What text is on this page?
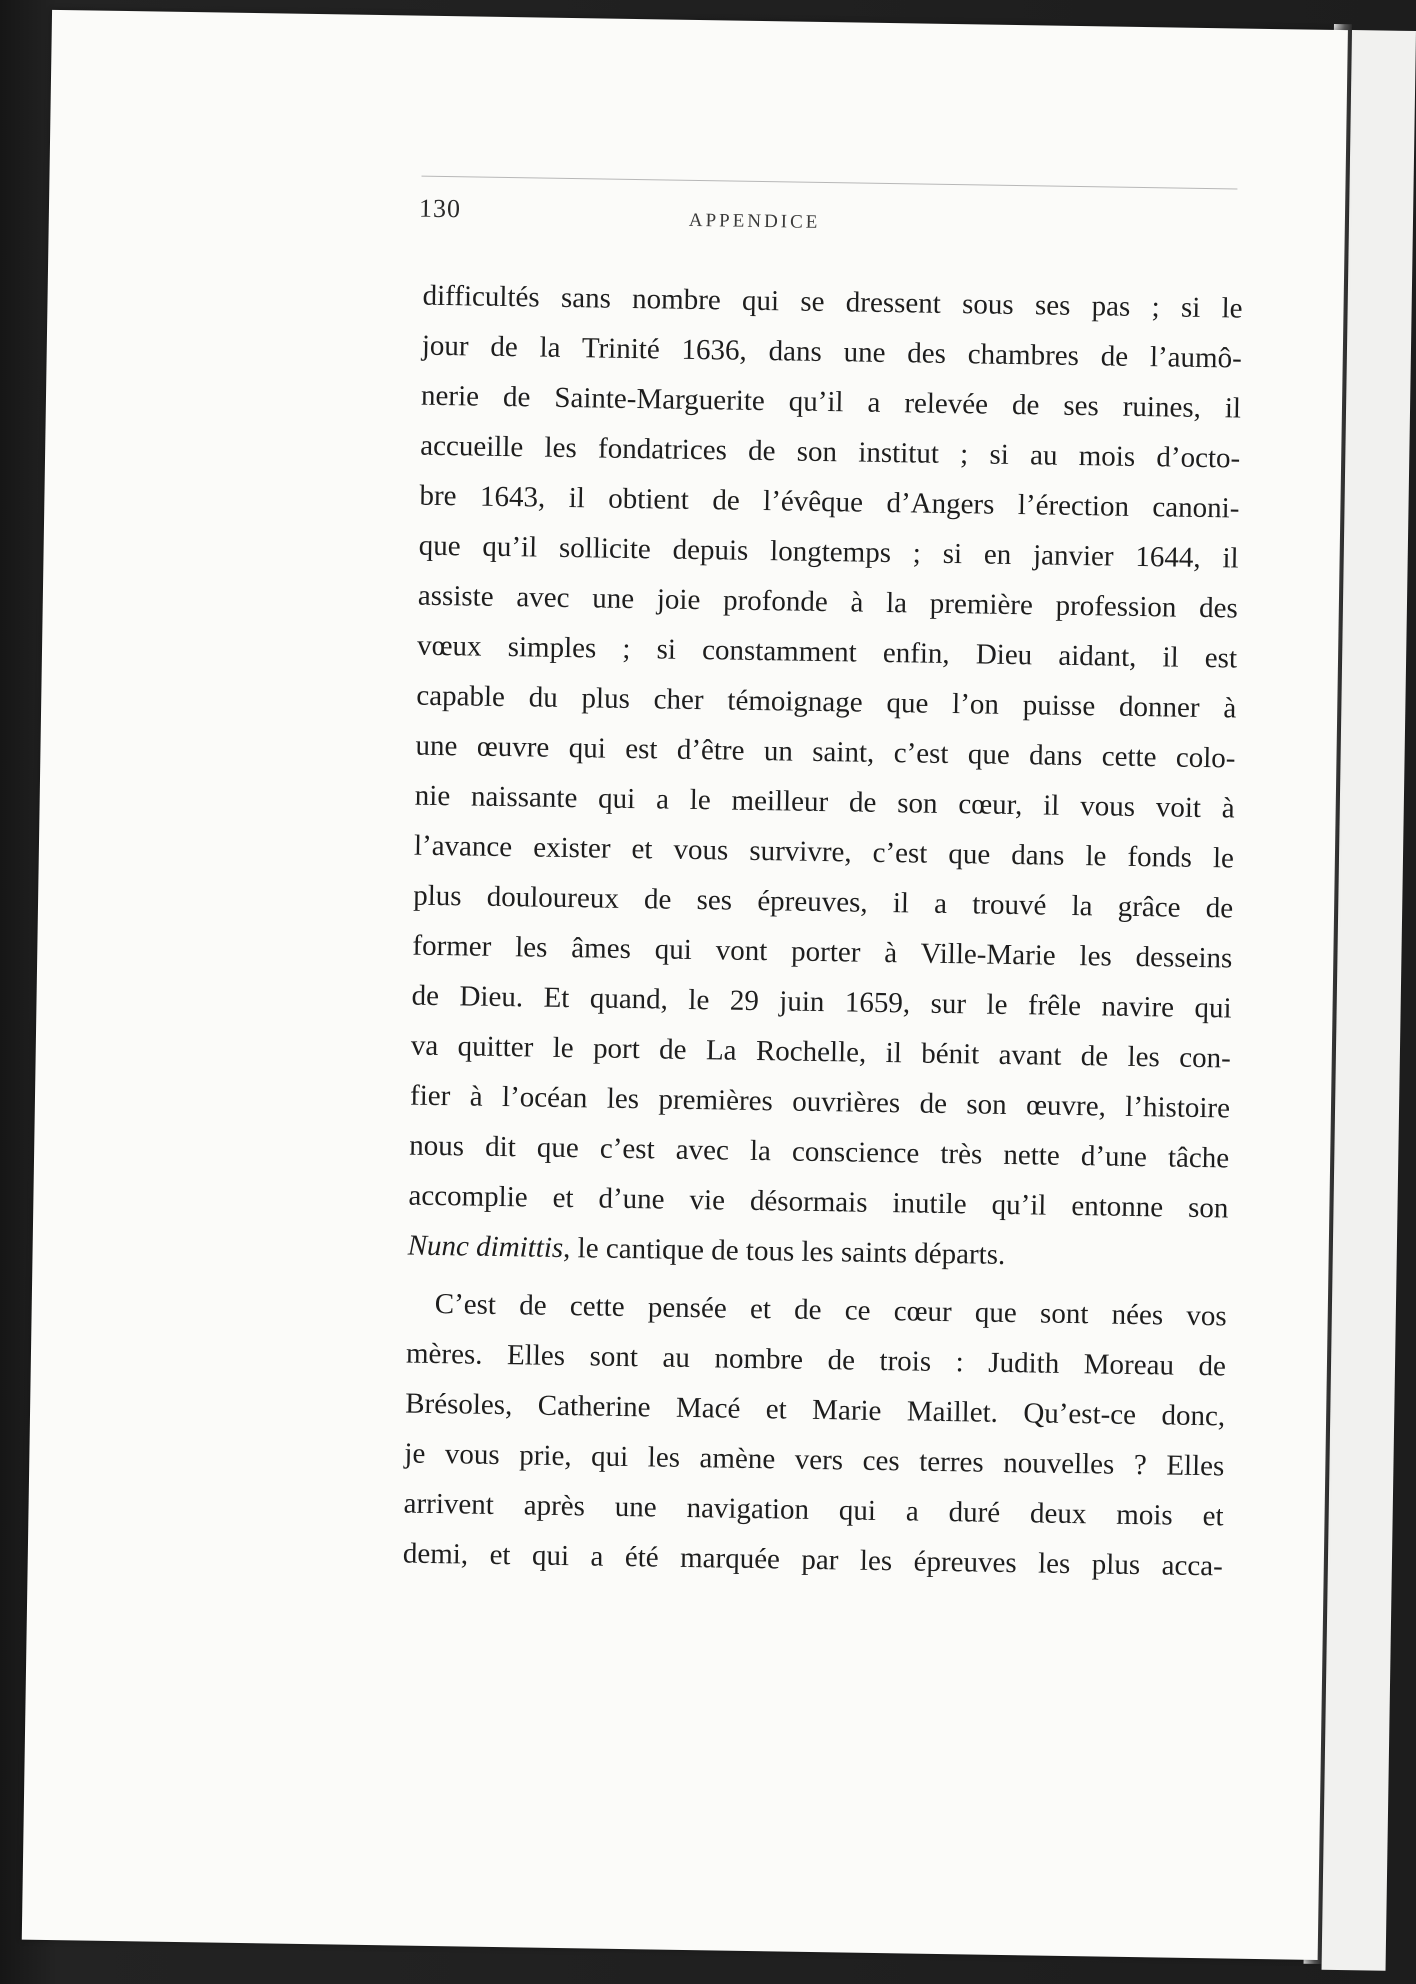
130	APPENDICE
difficultés sans nombre qui se dressent sous ses pas ; si le
jour de la Trinité 1636, dans une des chambres de l’aumô-
nerie de Sainte-Marguerite qu’il a relevée de ses ruines, il
accueille les fondatrices de son institut ; si au mois d’octo-
bre 1643, il obtient de l’évêque d’Angers l’érection canoni-
que qu’il sollicite depuis longtemps ; si en janvier 1644, il
assiste avec une joie profonde à la première profession des
vœux simples ; si constamment enfin, Dieu aidant, il est
capable du plus cher témoignage que l’on puisse donner à
une œuvre qui est d’être un saint, c’est que dans cette colo-
nie naissante qui a le meilleur de son cœur, il vous voit à
l’avance exister et vous survivre, c’est que dans le fonds le
plus douloureux de ses épreuves, il a trouvé la grâce de
former les âmes qui vont porter à Ville-Marie les desseins
de Dieu. Et quand, le 29 juin 1659, sur le frêle navire qui
va quitter le port de La Rochelle, il bénit avant de les con-
fier à l’océan les premières ouvrières de son œuvre, l’histoire
nous dit que c’est avec la conscience très nette d’une tâche
accomplie et d’une vie désormais inutile qu’il entonne son
Nunc dimittis, le cantique de tous les saints départs.
C’est de cette pensée et de ce cœur que sont nées vos
mères. Elles sont au nombre de trois : Judith Moreau de
Brésoles, Catherine Macé et Marie Maillet. Qu’est-ce donc,
je vous prie, qui les amène vers ces terres nouvelles ? Elles
arrivent après une navigation qui a duré deux mois et
demi, et qui a été marquée par les épreuves les plus acca-
